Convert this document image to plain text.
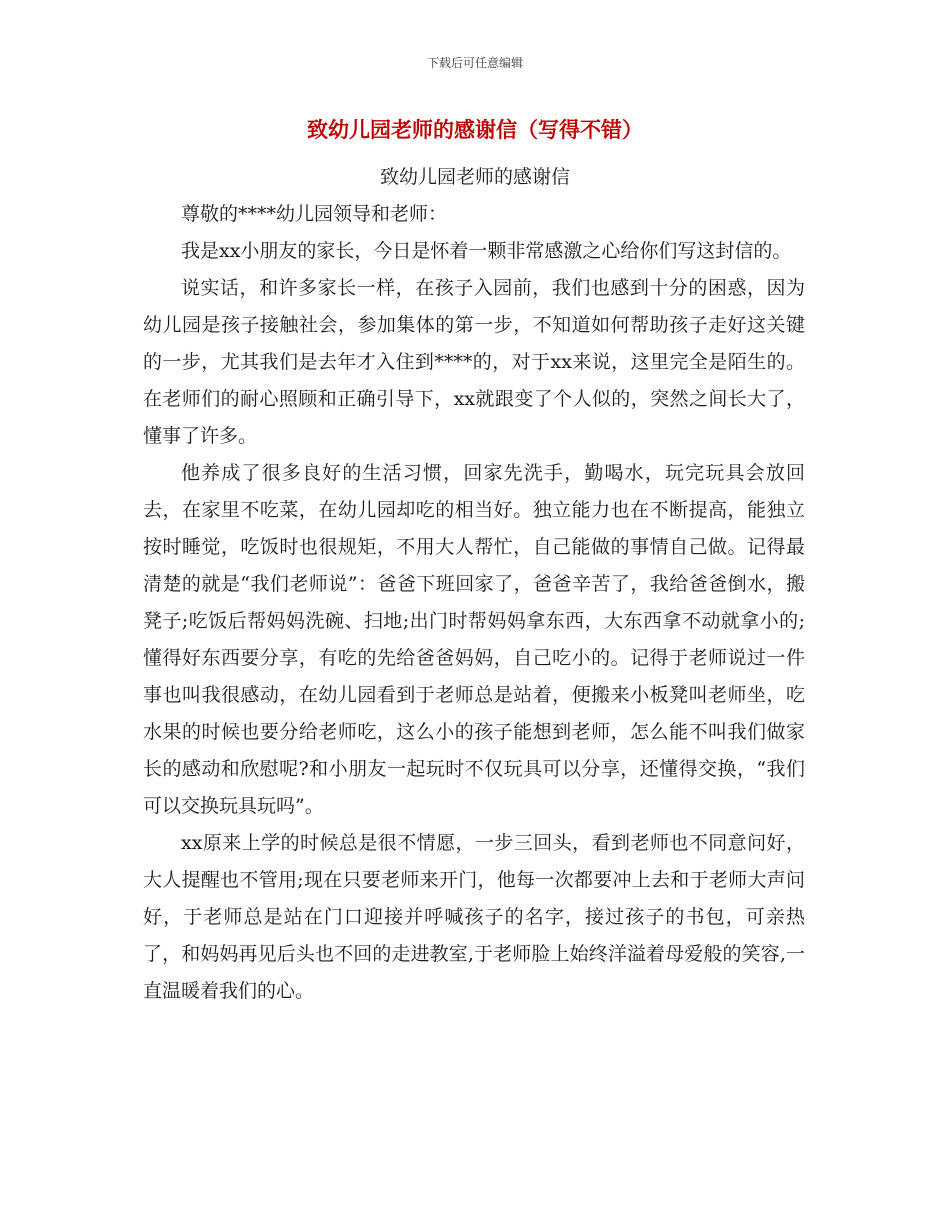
下载后可任意编辑
致幼儿园老师的感谢信（写得不错）
致幼儿园老师的感谢信

尊敬的****幼儿园领导和老师：

我是xx小朋友的家长，今日是怀着一颗非常感激之心给你们写这封信的。

说实话，和许多家长一样，在孩子入园前，我们也感到十分的困惑，因为幼儿园是孩子接触社会，参加集体的第一步，不知道如何帮助孩子走好这关键的一步，尤其我们是去年才入住到****的，对于xx来说，这里完全是陌生的。在老师们的耐心照顾和正确引导下，xx就跟变了个人似的，突然之间长大了，懂事了许多。

他养成了很多良好的生活习惯，回家先洗手，勤喝水，玩完玩具会放回去，在家里不吃菜，在幼儿园却吃的相当好。独立能力也在不断提高，能独立按时睡觉，吃饭时也很规矩，不用大人帮忙，自己能做的事情自己做。记得最清楚的就是“我们老师说”：爸爸下班回家了，爸爸辛苦了，我给爸爸倒水，搬凳子;吃饭后帮妈妈洗碗、扫地;出门时帮妈妈拿东西，大东西拿不动就拿小的;懂得好东西要分享，有吃的先给爸爸妈妈，自己吃小的。记得于老师说过一件事也叫我很感动，在幼儿园看到于老师总是站着，便搬来小板凳叫老师坐，吃水果的时候也要分给老师吃，这么小的孩子能想到老师，怎么能不叫我们做家长的感动和欣慰呢?和小朋友一起玩时不仅玩具可以分享，还懂得交换，“我们可以交换玩具玩吗”。

xx原来上学的时候总是很不情愿，一步三回头，看到老师也不同意问好，大人提醒也不管用;现在只要老师来开门，他每一次都要冲上去和于老师大声问好，于老师总是站在门口迎接并呼喊孩子的名字，接过孩子的书包，可亲热了，和妈妈再见后头也不回的走进教室,于老师脸上始终洋溢着母爱般的笑容,一直温暖着我们的心。
